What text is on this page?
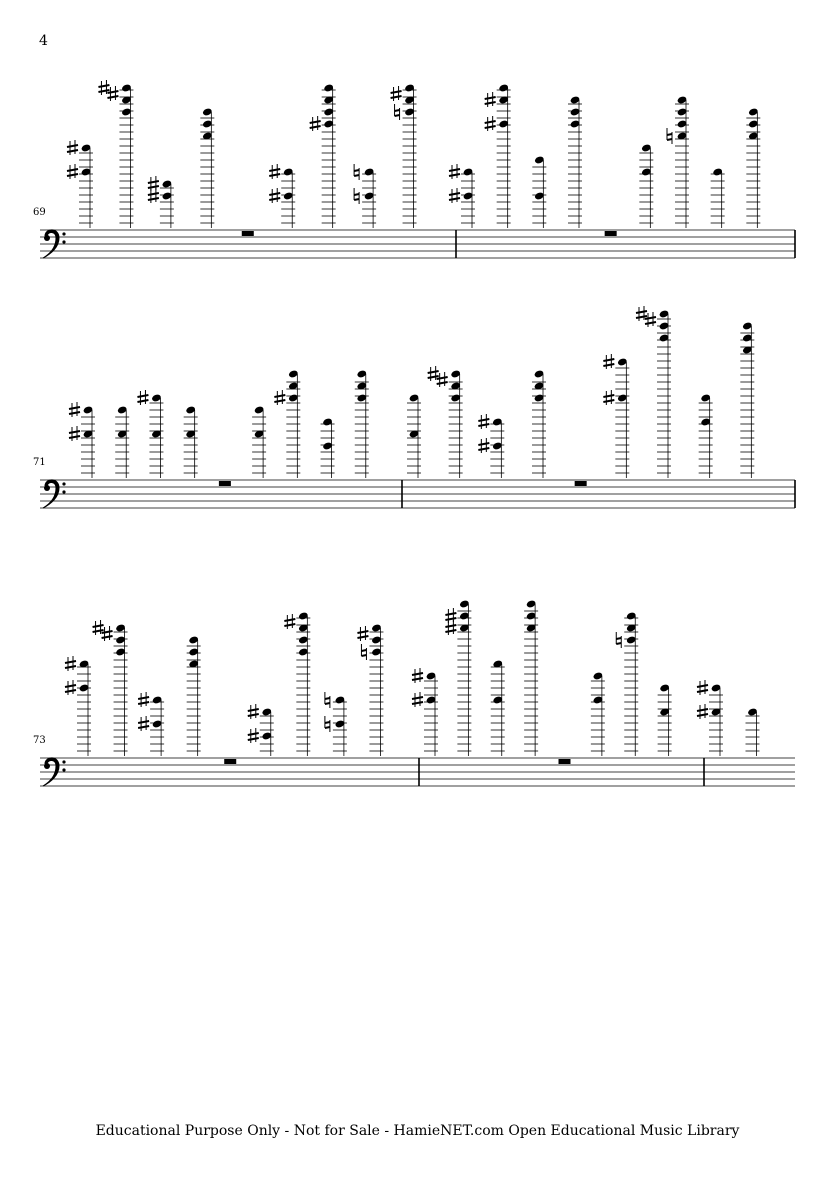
4
69
71
73
Educational Purpose Only - Not for Sale - HamieNET.com Open Educational Music Library
